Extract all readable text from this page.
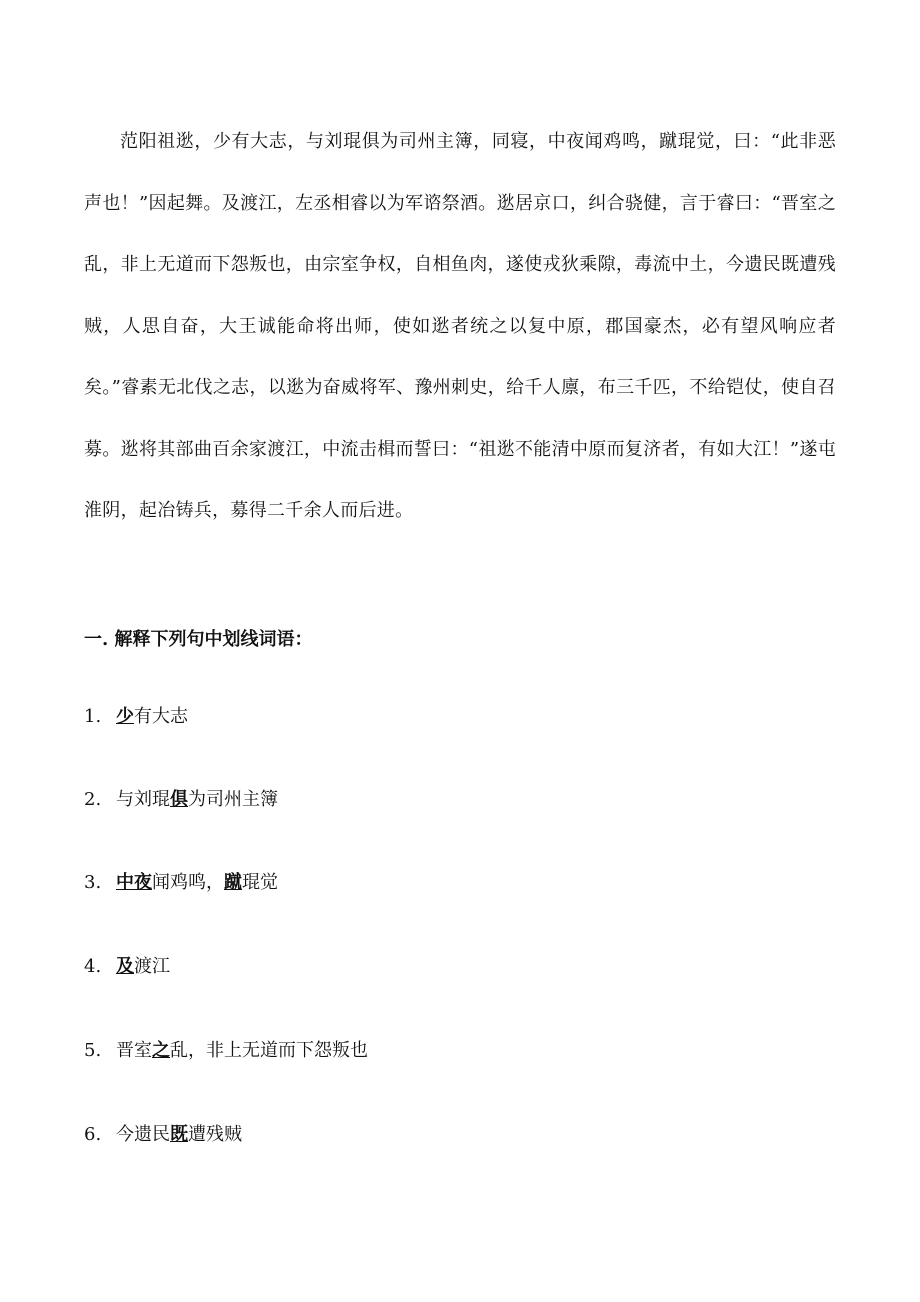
范阳祖逖，少有大志，与刘琨俱为司州主簿，同寝，中夜闻鸡鸣，蹴琨觉，曰：“此非恶声也！”因起舞。及渡江，左丞相睿以为军谘祭酒。逖居京口，纠合骁健，言于睿曰：“晋室之乱，非上无道而下怨叛也，由宗室争权，自相鱼肉，遂使戎狄乘隙，毒流中土，今遗民既遭残贼，人思自奋，大王诚能命将出师，使如逖者统之以复中原，郡国豪杰，必有望风响应者矣。”睿素无北伐之志，以逖为奋威将军、豫州刺史，给千人廪，布三千匹，不给铠仗，使自召募。逖将其部曲百余家渡江，中流击楫而誓曰：“祖逖不能清中原而复济者，有如大江！”遂屯淮阴，起冶铸兵，募得二千余人而后进。

一. 解释下列句中划线词语：

1. 少有大志

2. 与刘琨俱为司州主簿

3. 中夜闻鸡鸣，蹴琨觉

4. 及渡江

5. 晋室之乱，非上无道而下怨叛也

6. 今遗民既遭残贼
